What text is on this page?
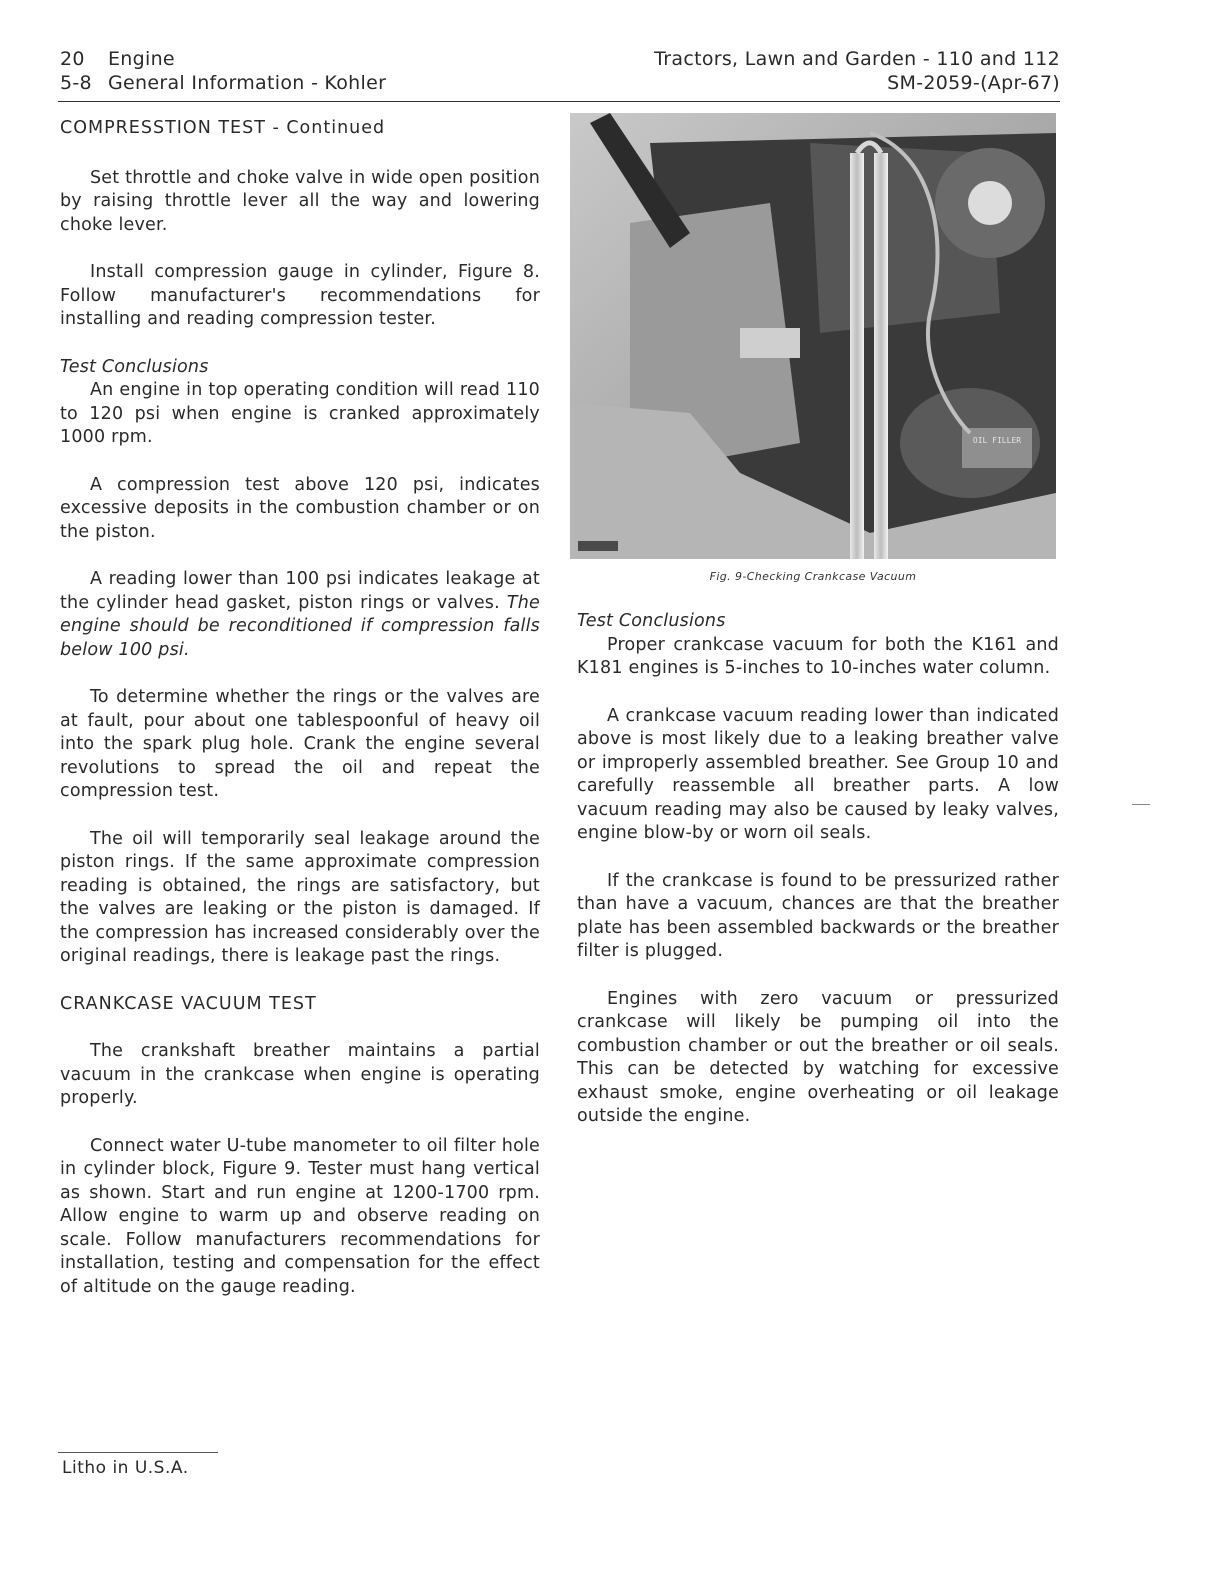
20 Engine
5-8 General Information - Kohler
Tractors, Lawn and Garden - 110 and 112
SM-2059-(Apr-67)
COMPRESSTION TEST - Continued

Set throttle and choke valve in wide open position by raising throttle lever all the way and lowering choke lever.

Install compression gauge in cylinder, Figure 8. Follow manufacturer's recommendations for installing and reading compression tester.

Test Conclusions

An engine in top operating condition will read 110 to 120 psi when engine is cranked approximately 1000 rpm.

A compression test above 120 psi, indicates excessive deposits in the combustion chamber or on the piston.

A reading lower than 100 psi indicates leakage at the cylinder head gasket, piston rings or valves. The engine should be reconditioned if compression falls below 100 psi.

To determine whether the rings or the valves are at fault, pour about one tablespoonful of heavy oil into the spark plug hole. Crank the engine several revolutions to spread the oil and repeat the compression test.

The oil will temporarily seal leakage around the piston rings. If the same approximate compression reading is obtained, the rings are satisfactory, but the valves are leaking or the piston is damaged. If the compression has increased considerably over the original readings, there is leakage past the rings.

CRANKCASE VACUUM TEST

The crankshaft breather maintains a partial vacuum in the crankcase when engine is operating properly.

Connect water U-tube manometer to oil filter hole in cylinder block, Figure 9. Tester must hang vertical as shown. Start and run engine at 1200-1700 rpm. Allow engine to warm up and observe reading on scale. Follow manufacturers recommendations for installation, testing and compensation for the effect of altitude on the gauge reading.

OIL FILLER
Fig. 9-Checking Crankcase Vacuum
Test Conclusions

Proper crankcase vacuum for both the K161 and K181 engines is 5-inches to 10-inches water column.

A crankcase vacuum reading lower than indicated above is most likely due to a leaking breather valve or improperly assembled breather. See Group 10 and carefully reassemble all breather parts. A low vacuum reading may also be caused by leaky valves, engine blow-by or worn oil seals.

If the crankcase is found to be pressurized rather than have a vacuum, chances are that the breather plate has been assembled backwards or the breather filter is plugged.

Engines with zero vacuum or pressurized crankcase will likely be pumping oil into the combustion chamber or out the breather or oil seals. This can be detected by watching for excessive exhaust smoke, engine overheating or oil leakage outside the engine.

Litho in U.S.A.
